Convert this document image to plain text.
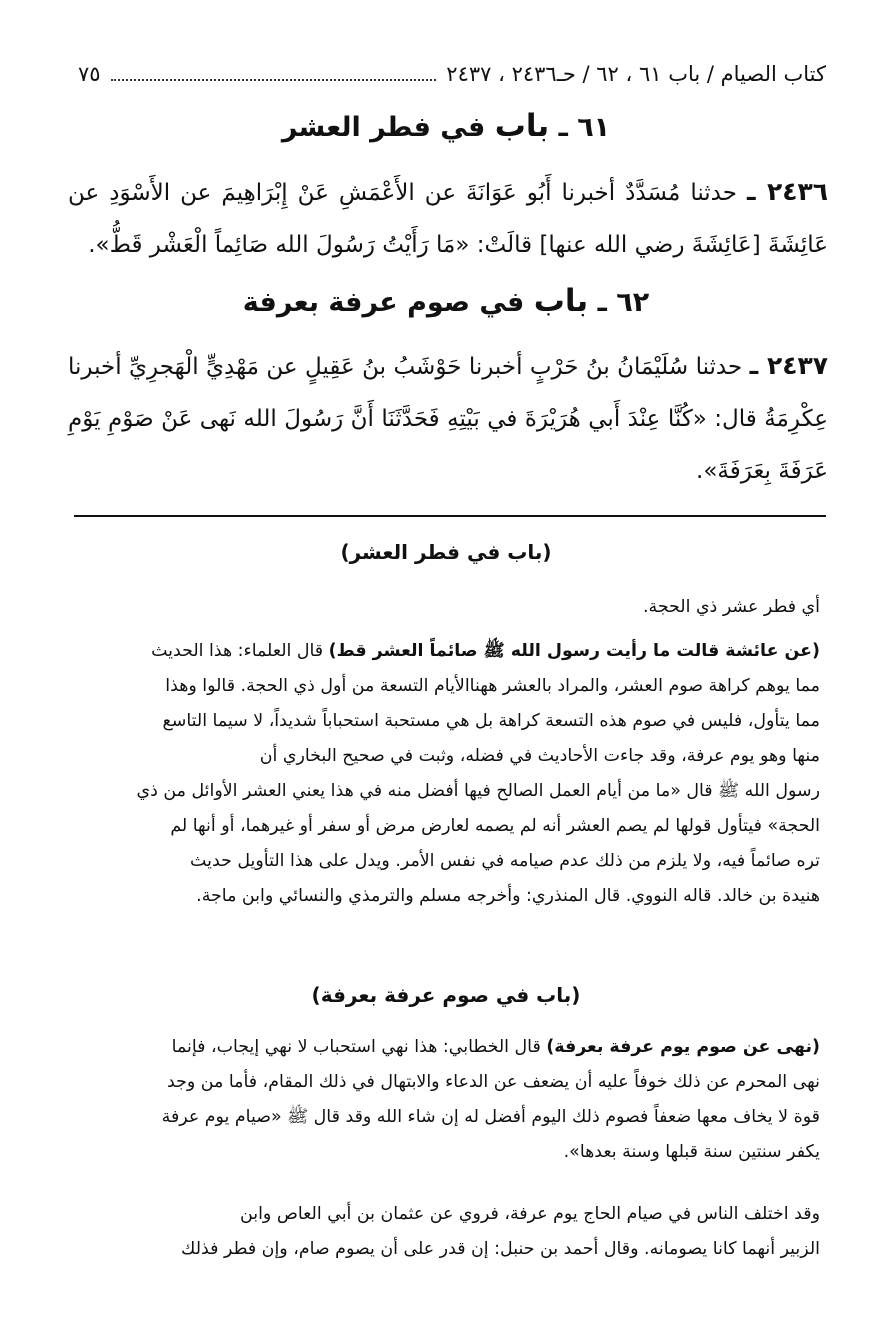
كتاب الصيام / باب ٦١ ، ٦٢ / حـ٢٤٣٦ ، ٢٤٣٧
٧٥
٦١ ـ باب في فطر العشر
٢٤٣٦ ـ حدثنا مُسَدَّدٌ أخبرنا أَبُو عَوَانَةَ عن الأَعْمَشِ عَنْ إِبْرَاهِيمَ عن الأَسْوَدِ عن عَائِشَةَ [عَائِشَةَ رضي الله عنها] قالَتْ: «مَا رَأَيْتُ رَسُولَ الله صَائِماً الْعَشْر قَطُّ».
٦٢ ـ باب في صوم عرفة بعرفة
٢٤٣٧ ـ حدثنا سُلَيْمَانُ بنُ حَرْبٍ أخبرنا حَوْشَبُ بنُ عَقِيلٍ عن مَهْدِيٍّ الْهَجرِيِّ أخبرنا عِكْرِمَةُ قال: «كُنَّا عِنْدَ أَبي هُرَيْرَةَ في بَيْتِهِ فَحَدَّثَنَا أَنَّ رَسُولَ الله نَهى عَنْ صَوْمِ يَوْمِ عَرَفَةَ بِعَرَفَةَ».
(باب في فطر العشر)
أي فطر عشر ذي الحجة.
(عن عائشة قالت ما رأيت رسول الله ﷺ صائماً العشر قط) قال العلماء: هذا الحديث
مما يوهم كراهة صوم العشر، والمراد بالعشر ههناالأيام التسعة من أول ذي الحجة. قالوا وهذا
مما يتأول، فليس في صوم هذه التسعة كراهة بل هي مستحبة استحباباً شديداً، لا سيما التاسع
منها وهو يوم عرفة، وقد جاءت الأحاديث في فضله، وثبت في صحيح البخاري أن
رسول الله ﷺ قال «ما من أيام العمل الصالح فيها أفضل منه في هذا يعني العشر الأوائل من ذي
الحجة» فيتأول قولها لم يصم العشر أنه لم يصمه لعارض مرض أو سفر أو غيرهما، أو أنها لم
تره صائماً فيه، ولا يلزم من ذلك عدم صيامه في نفس الأمر. ويدل على هذا التأويل حديث
هنيدة بن خالد. قاله النووي. قال المنذري: وأخرجه مسلم والترمذي والنسائي وابن ماجة.
(باب في صوم عرفة بعرفة)
(نهى عن صوم يوم عرفة بعرفة) قال الخطابي: هذا نهي استحباب لا نهي إيجاب، فإنما
نهى المحرم عن ذلك خوفاً عليه أن يضعف عن الدعاء والابتهال في ذلك المقام، فأما من وجد
قوة لا يخاف معها ضعفاً فصوم ذلك اليوم أفضل له إن شاء الله وقد قال ﷺ «صيام يوم عرفة
يكفر سنتين سنة قبلها وسنة بعدها».
وقد اختلف الناس في صيام الحاج يوم عرفة، فروي عن عثمان بن أبي العاص وابن
الزبير أنهما كانا يصومانه. وقال أحمد بن حنبل: إن قدر على أن يصوم صام، وإن فطر فذلك
